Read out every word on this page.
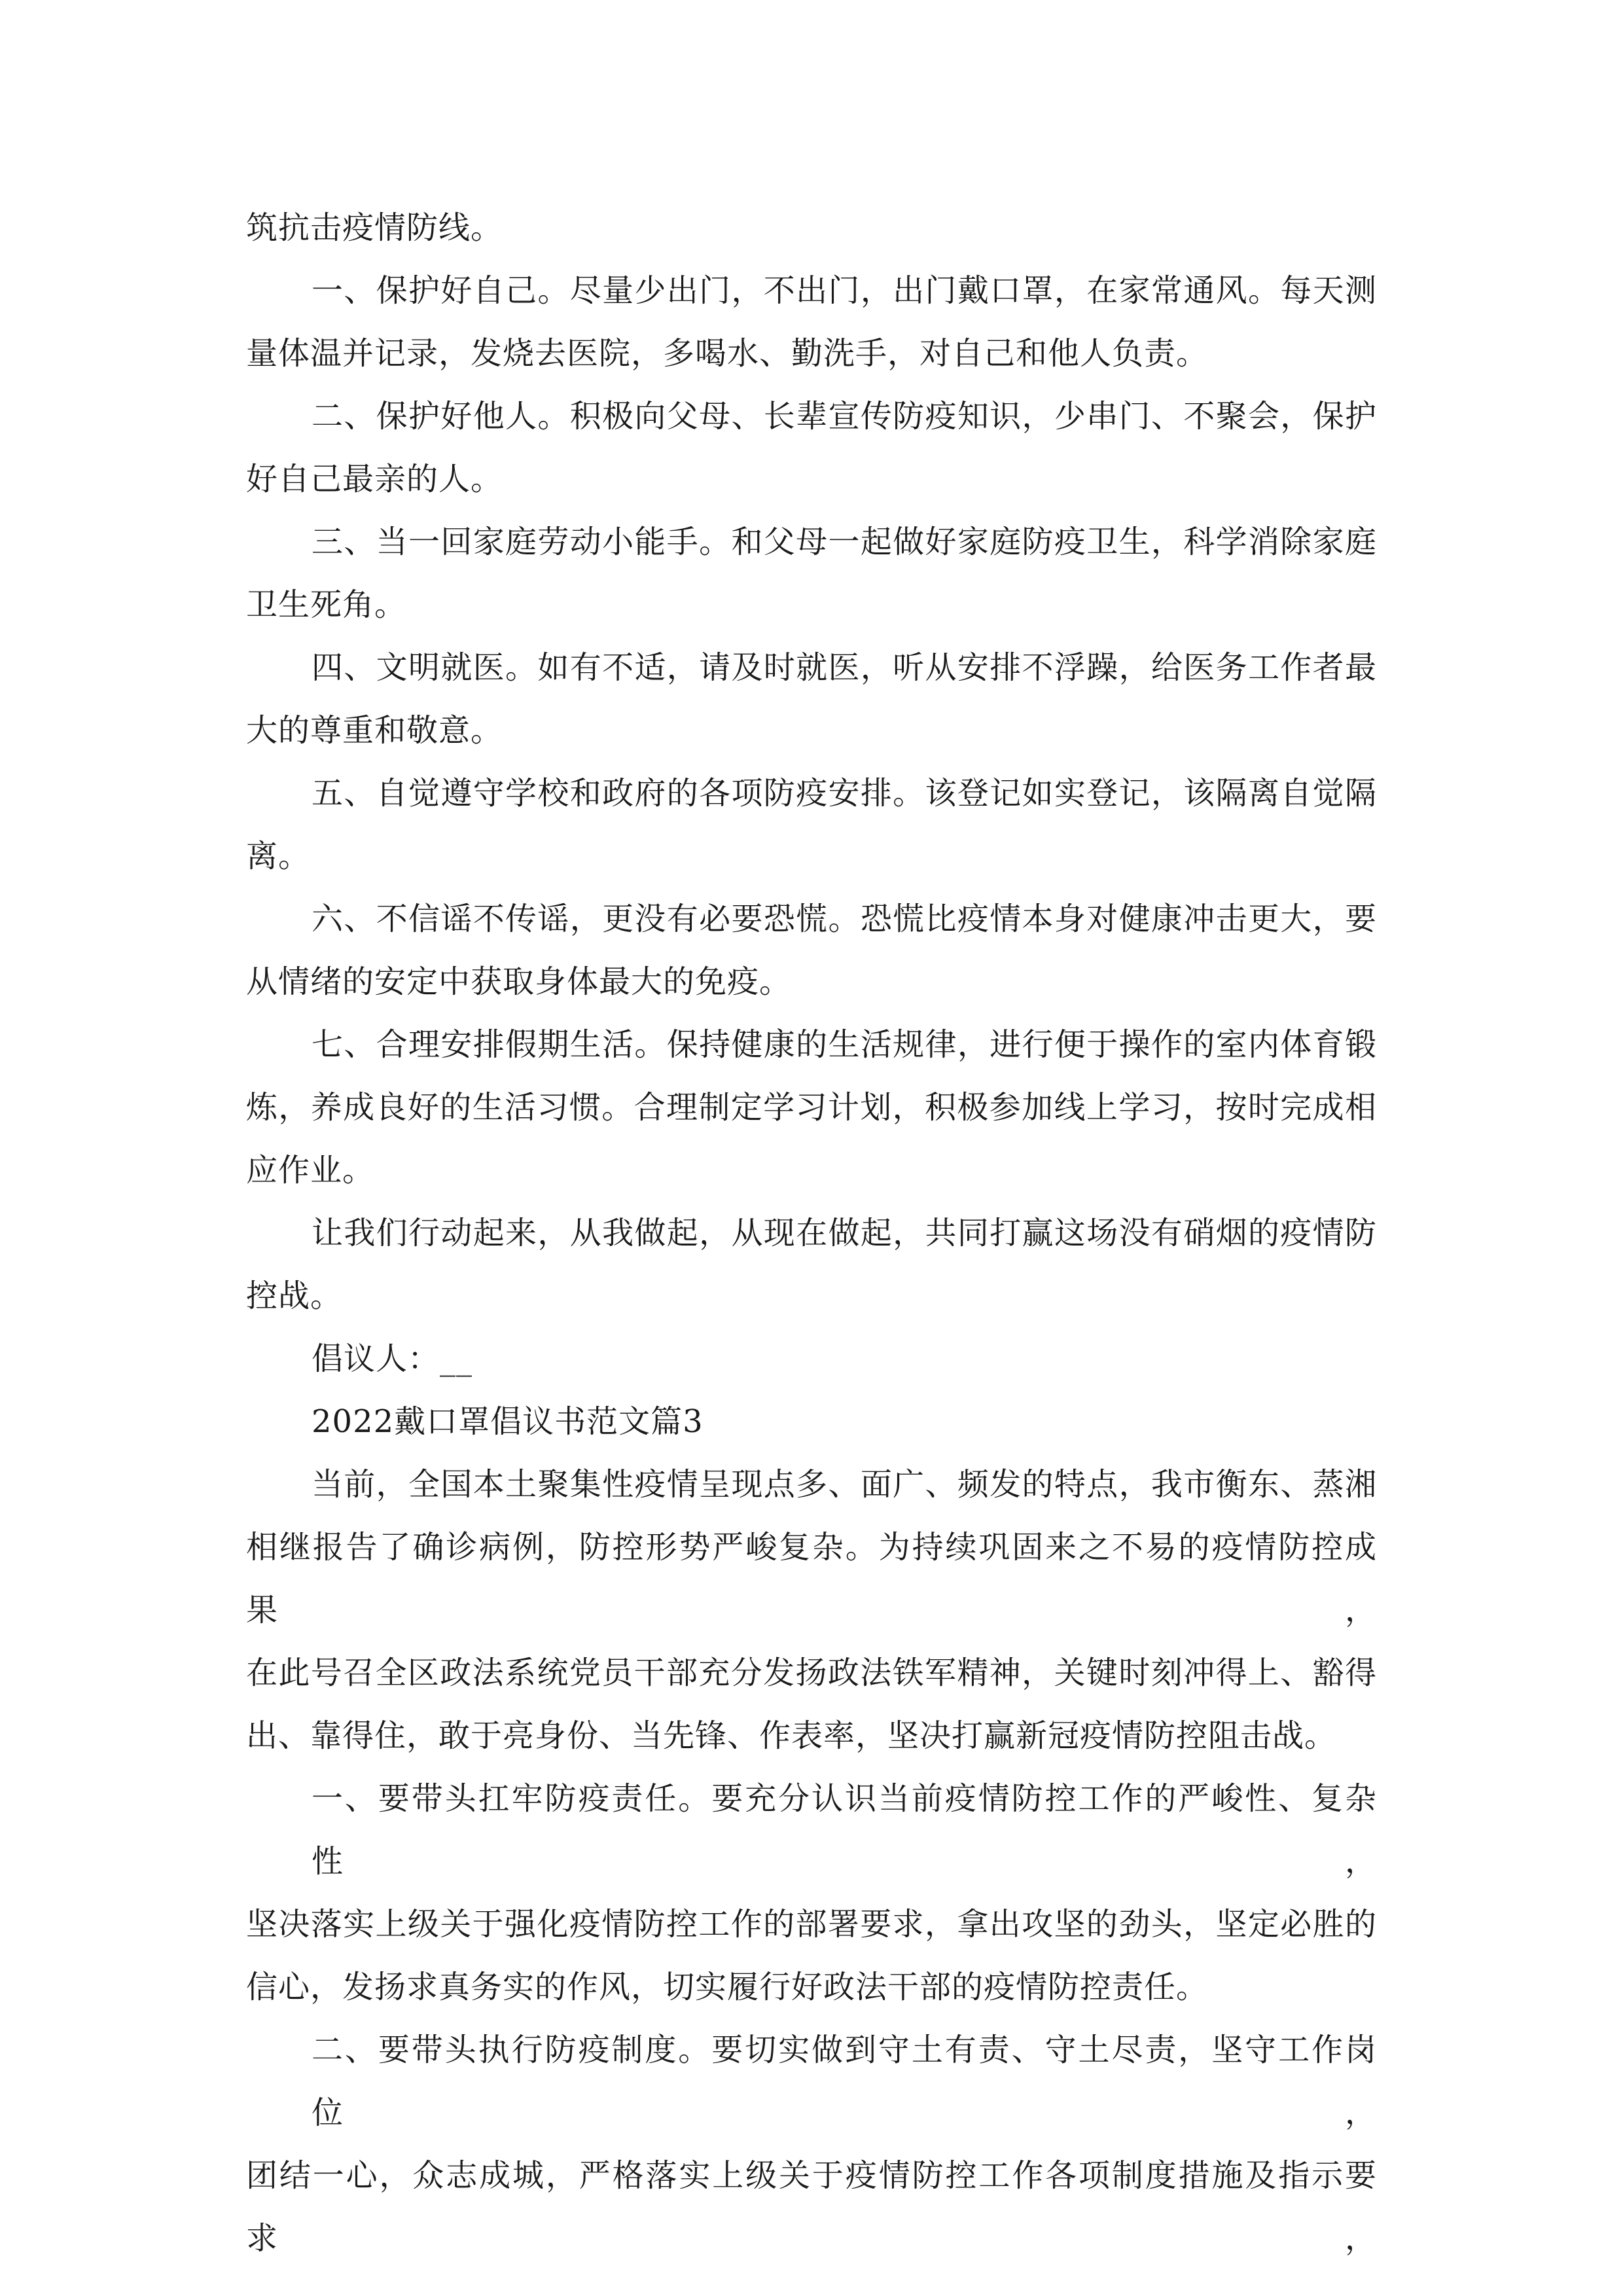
筑抗击疫情防线。

一、保护好自己。尽量少出门，不出门，出门戴口罩，在家常通风。每天测

量体温并记录，发烧去医院，多喝水、勤洗手，对自己和他人负责。

二、保护好他人。积极向父母、长辈宣传防疫知识，少串门、不聚会，保护

好自己最亲的人。

三、当一回家庭劳动小能手。和父母一起做好家庭防疫卫生，科学消除家庭

卫生死角。

四、文明就医。如有不适，请及时就医，听从安排不浮躁，给医务工作者最

大的尊重和敬意。

五、自觉遵守学校和政府的各项防疫安排。该登记如实登记，该隔离自觉隔

离。

六、不信谣不传谣，更没有必要恐慌。恐慌比疫情本身对健康冲击更大，要

从情绪的安定中获取身体最大的免疫。

七、合理安排假期生活。保持健康的生活规律，进行便于操作的室内体育锻

炼，养成良好的生活习惯。合理制定学习计划，积极参加线上学习，按时完成相

应作业。

让我们行动起来，从我做起，从现在做起，共同打赢这场没有硝烟的疫情防

控战。

倡议人：__

2022戴口罩倡议书范文篇3

当前，全国本土聚集性疫情呈现点多、面广、频发的特点，我市衡东、蒸湘

相继报告了确诊病例，防控形势严峻复杂。为持续巩固来之不易的疫情防控成果，

在此号召全区政法系统党员干部充分发扬政法铁军精神，关键时刻冲得上、豁得

出、靠得住，敢于亮身份、当先锋、作表率，坚决打赢新冠疫情防控阻击战。

一、要带头扛牢防疫责任。要充分认识当前疫情防控工作的严峻性、复杂性，

坚决落实上级关于强化疫情防控工作的部署要求，拿出攻坚的劲头，坚定必胜的

信心，发扬求真务实的作风，切实履行好政法干部的疫情防控责任。

二、要带头执行防疫制度。要切实做到守土有责、守土尽责，坚守工作岗位，

团结一心，众志成城，严格落实上级关于疫情防控工作各项制度措施及指示要求，
